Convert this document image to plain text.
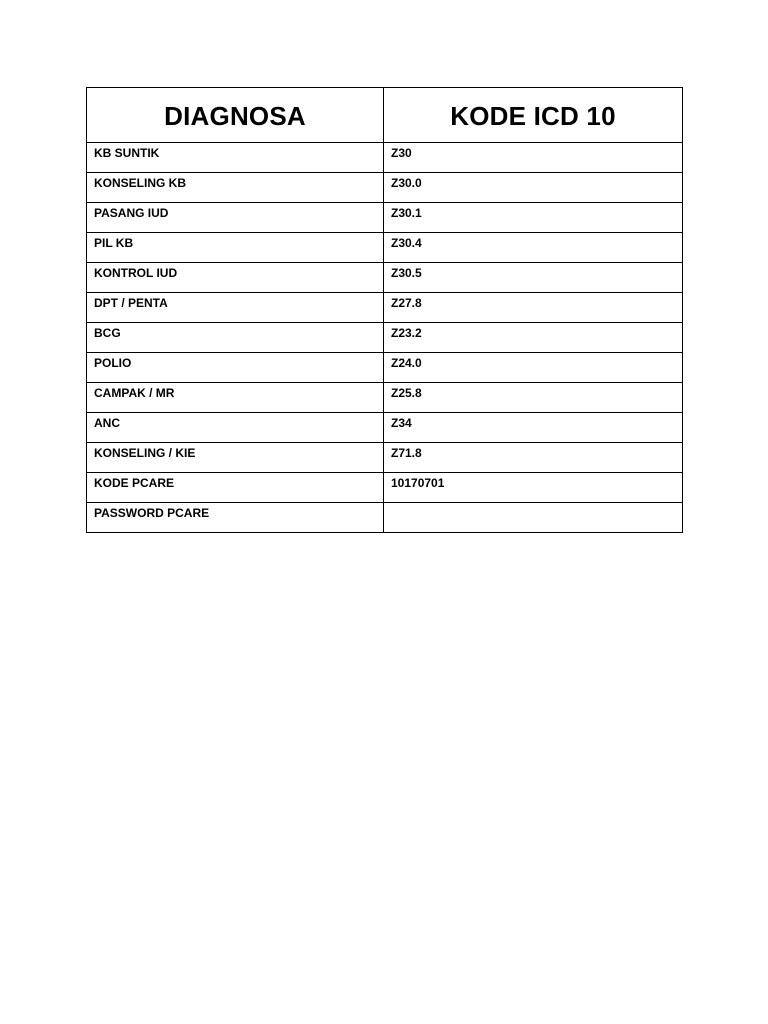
DIAGNOSA	KODE ICD 10
KB SUNTIK	Z30
KONSELING KB	Z30.0
PASANG IUD	Z30.1
PIL KB	Z30.4
KONTROL IUD	Z30.5
DPT / PENTA	Z27.8
BCG	Z23.2
POLIO	Z24.0
CAMPAK / MR	Z25.8
ANC	Z34
KONSELING / KIE	Z71.8
KODE PCARE	10170701
PASSWORD PCARE	
